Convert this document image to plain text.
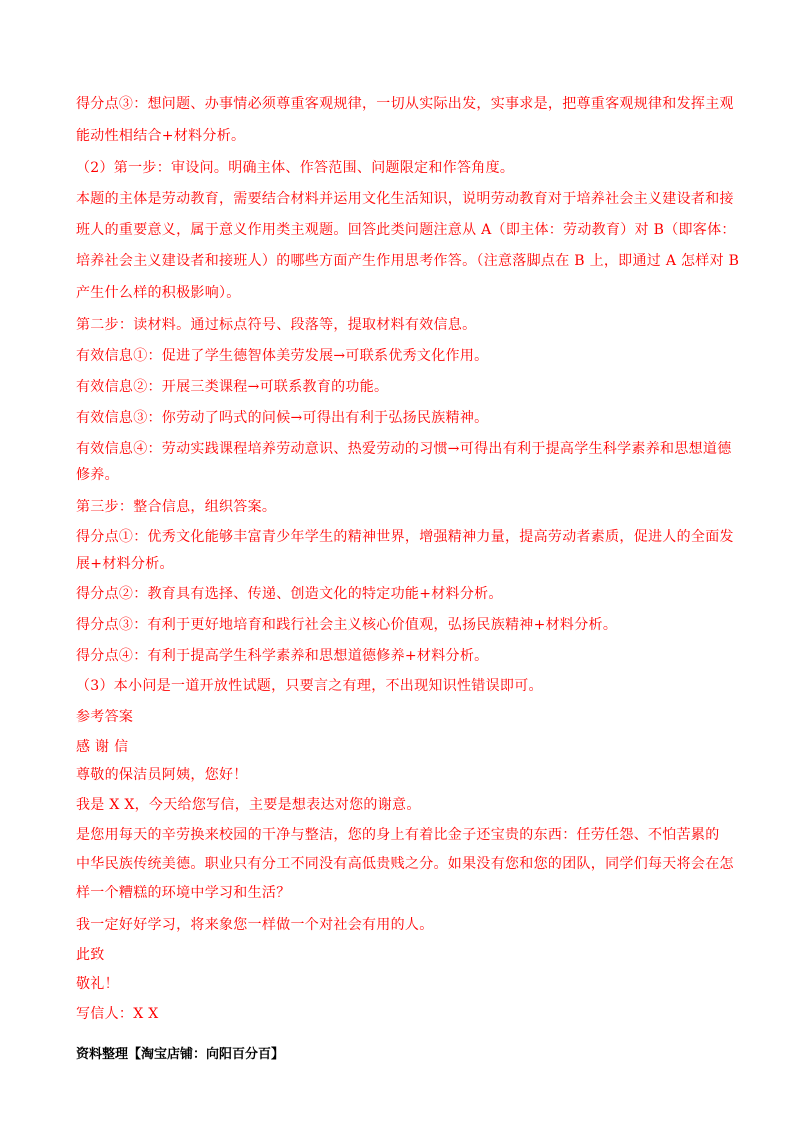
得分点③：想问题、办事情必须尊重客观规律，一切从实际出发，实事求是，把尊重客观规律和发挥主观
能动性相结合+材料分析。
（2）第一步：审设问。明确主体、作答范围、问题限定和作答角度。
本题的主体是劳动教育，需要结合材料并运用文化生活知识，说明劳动教育对于培养社会主义建设者和接
班人的重要意义，属于意义作用类主观题。回答此类问题注意从 A（即主体：劳动教育）对 B（即客体：
培养社会主义建设者和接班人）的哪些方面产生作用思考作答。（注意落脚点在 B 上，即通过 A 怎样对 B
产生什么样的积极影响）。
第二步：读材料。通过标点符号、段落等，提取材料有效信息。
有效信息①：促进了学生德智体美劳发展→可联系优秀文化作用。
有效信息②：开展三类课程→可联系教育的功能。
有效信息③：你劳动了吗式的问候→可得出有利于弘扬民族精神。
有效信息④：劳动实践课程培养劳动意识、热爱劳动的习惯→可得出有利于提高学生科学素养和思想道德
修养。
第三步：整合信息，组织答案。
得分点①：优秀文化能够丰富青少年学生的精神世界，增强精神力量，提高劳动者素质，促进人的全面发
展+材料分析。
得分点②：教育具有选择、传递、创造文化的特定功能+材料分析。
得分点③：有利于更好地培育和践行社会主义核心价值观，弘扬民族精神+材料分析。
得分点④：有利于提高学生科学素养和思想道德修养+材料分析。
（3）本小问是一道开放性试题，只要言之有理，不出现知识性错误即可。
参考答案
感 谢 信
尊敬的保洁员阿姨，您好！
我是 X X，今天给您写信，主要是想表达对您的谢意。
是您用每天的辛劳换来校园的干净与整洁，您的身上有着比金子还宝贵的东西：任劳任怨、不怕苦累的
中华民族传统美德。职业只有分工不同没有高低贵贱之分。如果没有您和您的团队，同学们每天将会在怎
样一个糟糕的环境中学习和生活？
我一定好好学习，将来象您一样做一个对社会有用的人。
此致
敬礼！
写信人：X X
资料整理【淘宝店铺：向阳百分百】
